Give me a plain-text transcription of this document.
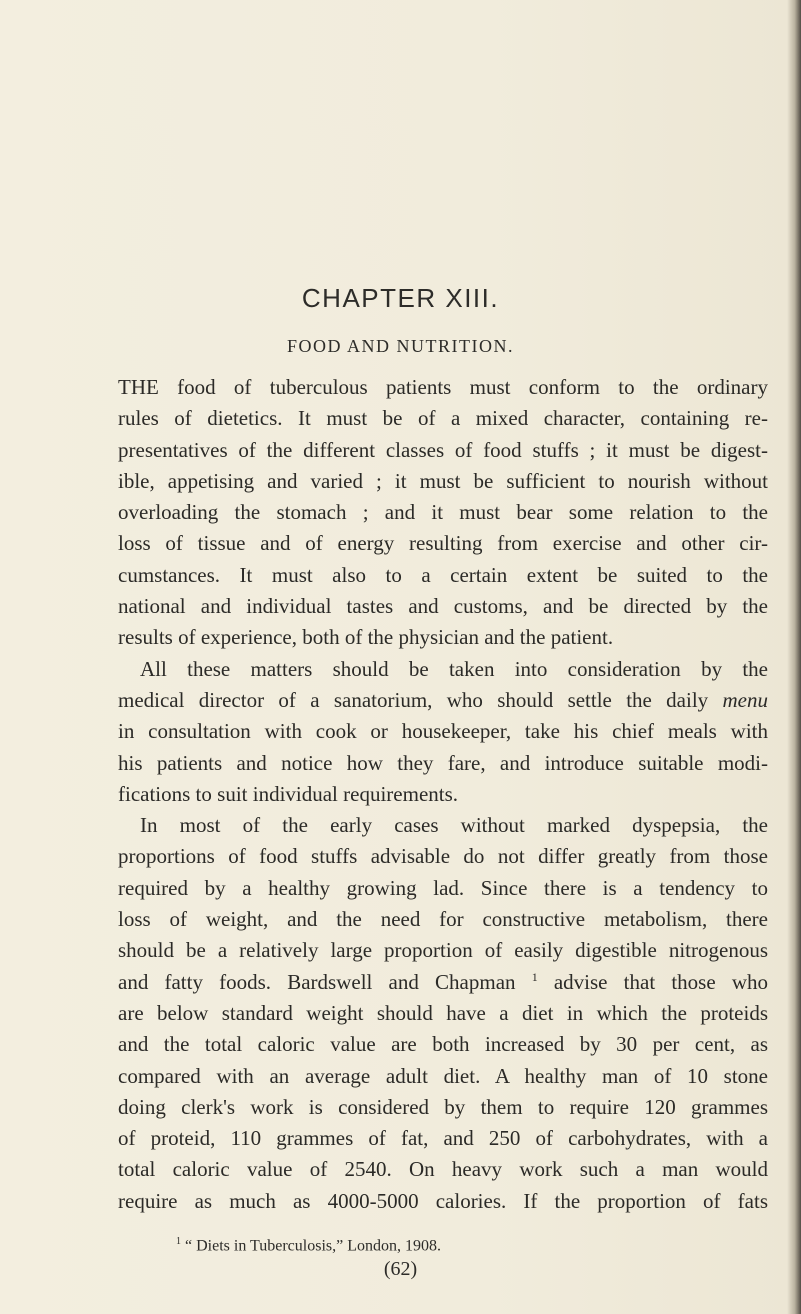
CHAPTER XIII.
FOOD AND NUTRITION.
THE food of tuberculous patients must conform to the ordinary
rules of dietetics. It must be of a mixed character, containing re-
presentatives of the different classes of food stuffs ; it must be digest-
ible, appetising and varied ; it must be sufficient to nourish without
overloading the stomach ; and it must bear some relation to the
loss of tissue and of energy resulting from exercise and other cir-
cumstances. It must also to a certain extent be suited to the
national and individual tastes and customs, and be directed by the
results of experience, both of the physician and the patient.
All these matters should be taken into consideration by the
medical director of a sanatorium, who should settle the daily menu
in consultation with cook or housekeeper, take his chief meals with
his patients and notice how they fare, and introduce suitable modi-
fications to suit individual requirements.
In most of the early cases without marked dyspepsia, the
proportions of food stuffs advisable do not differ greatly from those
required by a healthy growing lad. Since there is a tendency to
loss of weight, and the need for constructive metabolism, there
should be a relatively large proportion of easily digestible nitrogenous
and fatty foods. Bardswell and Chapman $^1$ advise that those who
are below standard weight should have a diet in which the proteids
and the total caloric value are both increased by 30 per cent, as
compared with an average adult diet. A healthy man of 10 stone
doing clerk's work is considered by them to require 120 grammes
of proteid, 110 grammes of fat, and 250 of carbohydrates, with a
total caloric value of 2540. On heavy work such a man would
require as much as 4000-5000 calories. If the proportion of fats
$^1$ “ Diets in Tuberculosis,” London, 1908.
(62)
